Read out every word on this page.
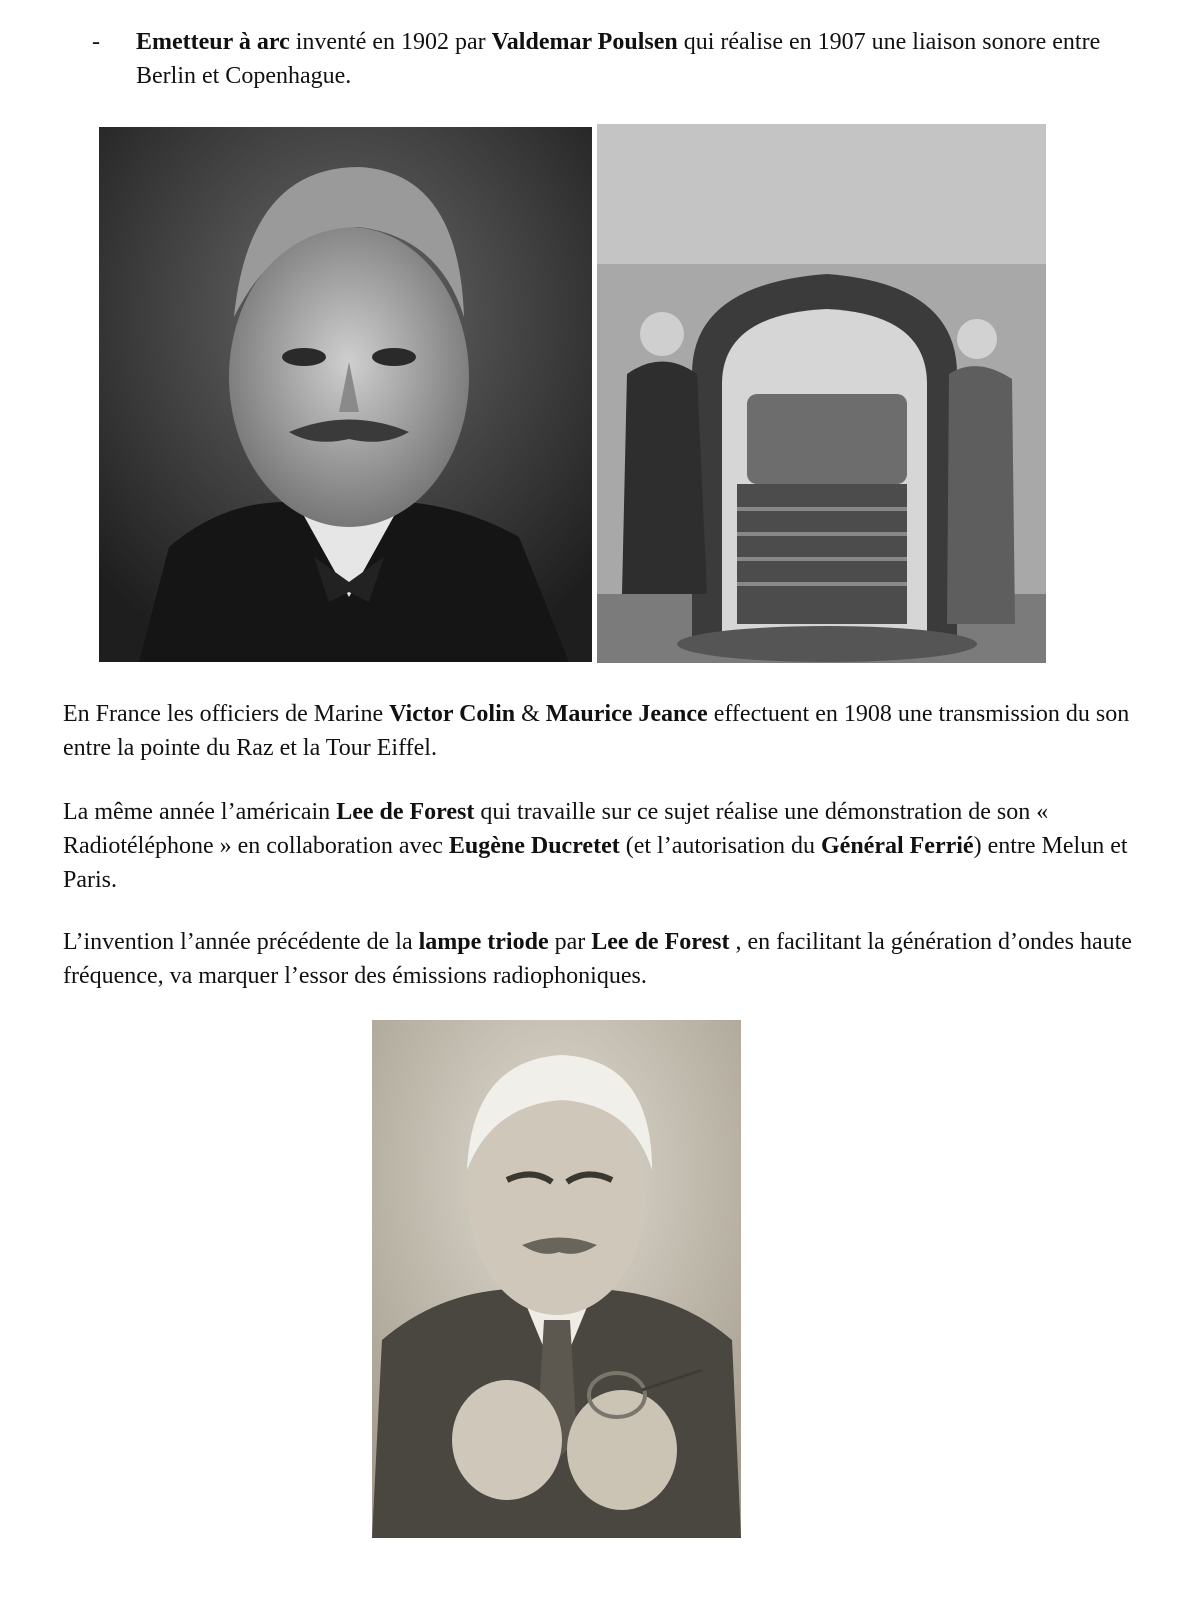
- Emetteur à arc inventé en 1902 par Valdemar Poulsen qui réalise en 1907 une liaison sonore entre Berlin et Copenhague.
En France les officiers de Marine Victor Colin & Maurice Jeance effectuent en 1908 une transmission du son entre la pointe du Raz et la Tour Eiffel.
La même année l’américain Lee de Forest qui travaille sur ce sujet réalise une démonstration de son « Radiotéléphone » en collaboration avec Eugène Ducretet (et l’autorisation du Général Ferrié) entre Melun et Paris.
L’invention l’année précédente de la lampe triode par Lee de Forest , en facilitant la génération d’ondes haute fréquence, va marquer l’essor des émissions radiophoniques.
